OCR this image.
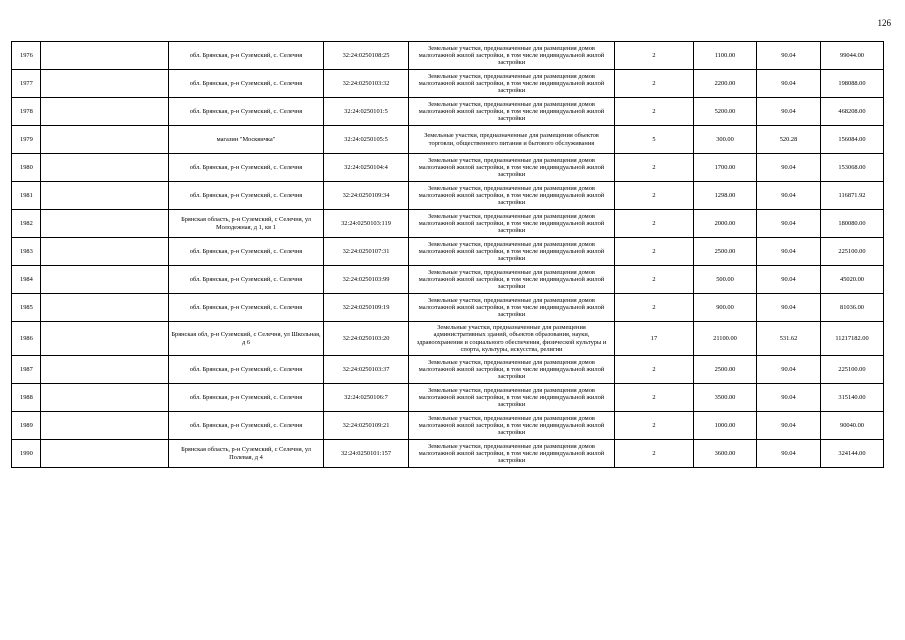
126
1976		обл. Брянская, р-н Суземский, с. Селечня	32:24:0250108:25	Земельные участки, предназначенные для размещения домов малоэтажной жилой застройки, в том числе индивидуальной жилой застройки	2	1100.00	90.04	99044.00
1977		обл. Брянская, р-н Суземский, с. Селечня	32:24:0250103:32	Земельные участки, предназначенные для размещения домов малоэтажной жилой застройки, в том числе индивидуальной жилой застройки	2	2200.00	90.04	198088.00
1978		обл. Брянская, р-н Суземский, с. Селечня	32:24:0250101:5	Земельные участки, предназначенные для размещения домов малоэтажной жилой застройки, в том числе индивидуальной жилой застройки	2	5200.00	90.04	468208.00
1979		магазин "Москвичка"	32:24:0250105:5	Земельные участки, предназначенные для размещения объектов торговли, общественного питания и бытового обслуживания	5	300.00	520.28	156084.00
1980		обл. Брянская, р-н Суземский, с. Селечня	32:24:0250104:4	Земельные участки, предназначенные для размещения домов малоэтажной жилой застройки, в том числе индивидуальной жилой застройки	2	1700.00	90.04	153068.00
1981		обл. Брянская, р-н Суземский, с. Селечня	32:24:0250109:34	Земельные участки, предназначенные для размещения домов малоэтажной жилой застройки, в том числе индивидуальной жилой застройки	2	1298.00	90.04	116871.92
1982		Брянская область, р-н Суземский, с Селечня, ул Молодежная, д 1, кв 1	32:24:0250103:119	Земельные участки, предназначенные для размещения домов малоэтажной жилой застройки, в том числе индивидуальной жилой застройки	2	2000.00	90.04	180080.00
1983		обл. Брянская, р-н Суземский, с. Селечня	32:24:0250107:31	Земельные участки, предназначенные для размещения домов малоэтажной жилой застройки, в том числе индивидуальной жилой застройки	2	2500.00	90.04	225100.00
1984		обл. Брянская, р-н Суземский, с. Селечня	32:24:0250103:99	Земельные участки, предназначенные для размещения домов малоэтажной жилой застройки, в том числе индивидуальной жилой застройки	2	500.00	90.04	45020.00
1985		обл. Брянская, р-н Суземский, с. Селечня	32:24:0250109:19	Земельные участки, предназначенные для размещения домов малоэтажной жилой застройки, в том числе индивидуальной жилой застройки	2	900.00	90.04	81036.00
1986		Брянская обл, р-н Суземский, с Селечня, ул Школьная, д 6	32:24:0250103:20	Земельные участки, предназначенные для размещения административных зданий, объектов образования, науки, здравоохранения и социального обеспечения, физической культуры и спорта, культуры, искусства, религии	17	21100.00	531.62	11217182.00
1987		обл. Брянская, р-н Суземский, с. Селечня	32:24:0250103:37	Земельные участки, предназначенные для размещения домов малоэтажной жилой застройки, в том числе индивидуальной жилой застройки	2	2500.00	90.04	225100.00
1988		обл. Брянская, р-н Суземский, с. Селечня	32:24:0250106:7	Земельные участки, предназначенные для размещения домов малоэтажной жилой застройки, в том числе индивидуальной жилой застройки	2	3500.00	90.04	315140.00
1989		обл. Брянская, р-н Суземский, с. Селечня	32:24:0250109:21	Земельные участки, предназначенные для размещения домов малоэтажной жилой застройки, в том числе индивидуальной жилой застройки	2	1000.00	90.04	90040.00
1990		Брянская область, р-н Суземский, с Селечня, ул Полевая, д 4	32:24:0250101:157	Земельные участки, предназначенные для размещения домов малоэтажной жилой застройки, в том числе индивидуальной жилой застройки	2	3600.00	90.04	324144.00
